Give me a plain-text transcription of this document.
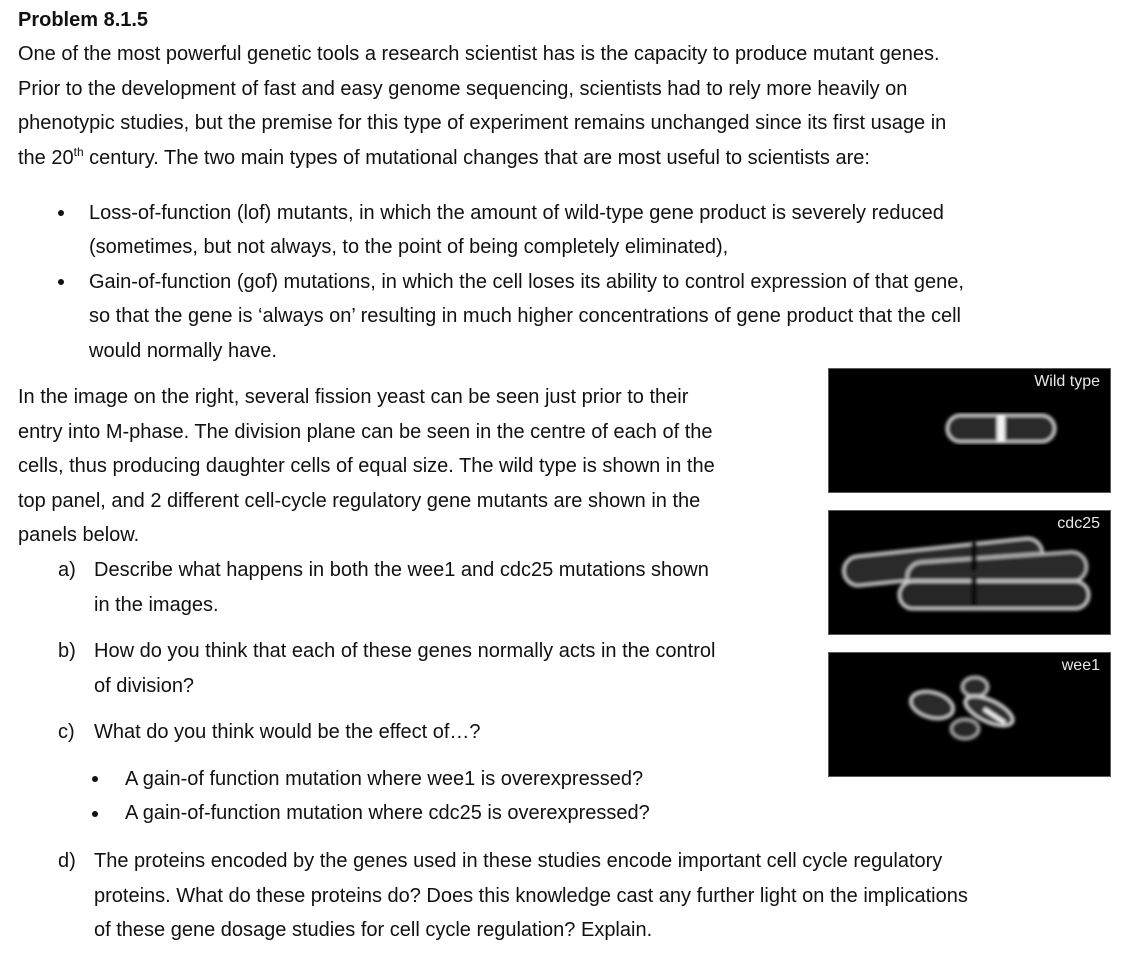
Problem 8.1.5

One of the most powerful genetic tools a research scientist has is the capacity to produce mutant genes.

Prior to the development of fast and easy genome sequencing, scientists had to rely more heavily on

phenotypic studies, but the premise for this type of experiment remains unchanged since its first usage in

the 20th century. The two main types of mutational changes that are most useful to scientists are:

Loss-of-function (lof) mutants, in which the amount of wild-type gene product is severely reduced

(sometimes, but not always, to the point of being completely eliminated),

Gain-of-function (gof) mutations, in which the cell loses its ability to control expression of that gene,

so that the gene is ‘always on’ resulting in much higher concentrations of gene product that the cell

would normally have.

In the image on the right, several fission yeast can be seen just prior to their

entry into M-phase. The division plane can be seen in the centre of each of the

cells, thus producing daughter cells of equal size. The wild type is shown in the

top panel, and 2 different cell-cycle regulatory gene mutants are shown in the

panels below.

a) Describe what happens in both the wee1 and cdc25 mutations shown
in the images.
b) How do you think that each of these genes normally acts in the control
of division?
c) What do you think would be the effect of…?

A gain-of function mutation where wee1 is overexpressed?

A gain-of-function mutation where cdc25 is overexpressed?

d) The proteins encoded by the genes used in these studies encode important cell cycle regulatory
proteins. What do these proteins do? Does this knowledge cast any further light on the implications
of these gene dosage studies for cell cycle regulation? Explain.
Wild type
cdc25
wee1
